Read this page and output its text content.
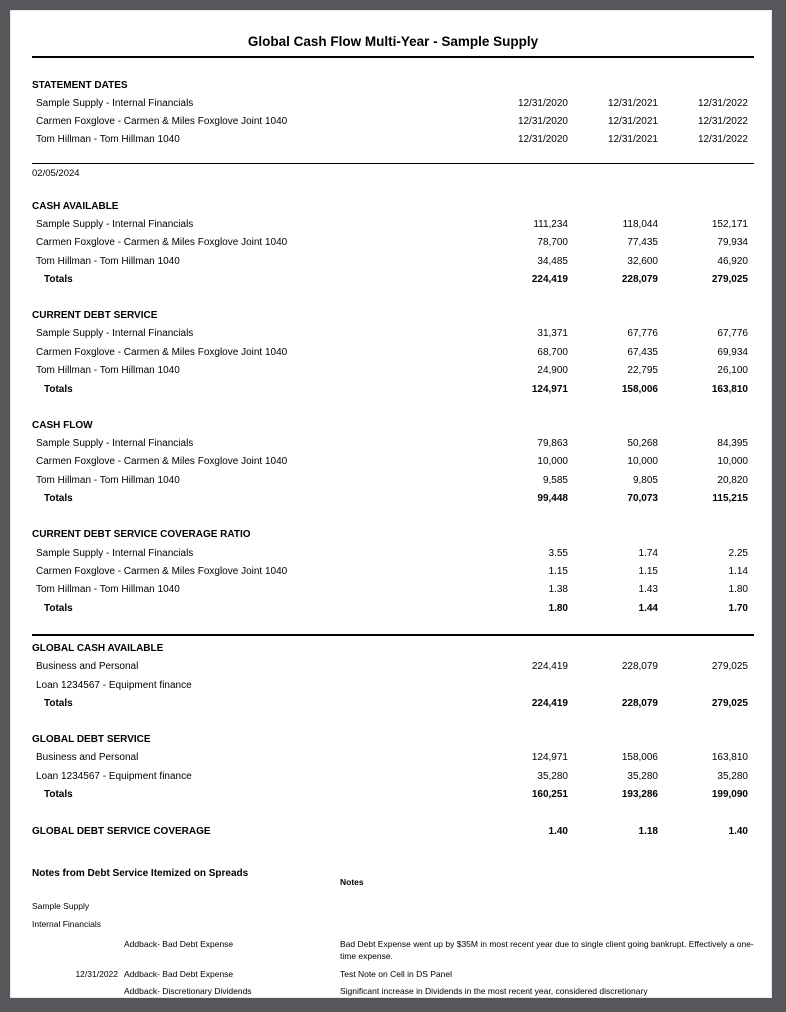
Global Cash Flow Multi-Year - Sample Supply
STATEMENT DATES
Sample Supply - Internal Financials	12/31/2020	12/31/2021	12/31/2022
Carmen Foxglove - Carmen & Miles Foxglove Joint 1040	12/31/2020	12/31/2021	12/31/2022
Tom Hillman - Tom Hillman 1040	12/31/2020	12/31/2021	12/31/2022
02/05/2024
CASH AVAILABLE
Sample Supply - Internal Financials	111,234	118,044	152,171
Carmen Foxglove - Carmen & Miles Foxglove Joint 1040	78,700	77,435	79,934
Tom Hillman - Tom Hillman 1040	34,485	32,600	46,920
Totals	224,419	228,079	279,025
CURRENT DEBT SERVICE
Sample Supply - Internal Financials	31,371	67,776	67,776
Carmen Foxglove - Carmen & Miles Foxglove Joint 1040	68,700	67,435	69,934
Tom Hillman - Tom Hillman 1040	24,900	22,795	26,100
Totals	124,971	158,006	163,810
CASH FLOW
Sample Supply - Internal Financials	79,863	50,268	84,395
Carmen Foxglove - Carmen & Miles Foxglove Joint 1040	10,000	10,000	10,000
Tom Hillman - Tom Hillman 1040	9,585	9,805	20,820
Totals	99,448	70,073	115,215
CURRENT DEBT SERVICE COVERAGE RATIO
Sample Supply - Internal Financials	3.55	1.74	2.25
Carmen Foxglove - Carmen & Miles Foxglove Joint 1040	1.15	1.15	1.14
Tom Hillman - Tom Hillman 1040	1.38	1.43	1.80
Totals	1.80	1.44	1.70
GLOBAL CASH AVAILABLE
Business and Personal	224,419	228,079	279,025
Loan 1234567 - Equipment finance
Totals	224,419	228,079	279,025
GLOBAL DEBT SERVICE
Business and Personal	124,971	158,006	163,810
Loan 1234567 - Equipment finance	35,280	35,280	35,280
Totals	160,251	193,286	199,090
GLOBAL DEBT SERVICE COVERAGE	1.40	1.18	1.40
Notes from Debt Service Itemized on Spreads
Notes
Sample Supply
Internal Financials
Addback- Bad Debt Expense	Bad Debt Expense went up by $35M in most recent year due to single client going bankrupt. Effectively a one-time expense.
12/31/2022 Addback- Bad Debt Expense	Test Note on Cell in DS Panel
Addback- Discretionary Dividends	Significant increase in Dividends in the most recent year, considered discretionary
